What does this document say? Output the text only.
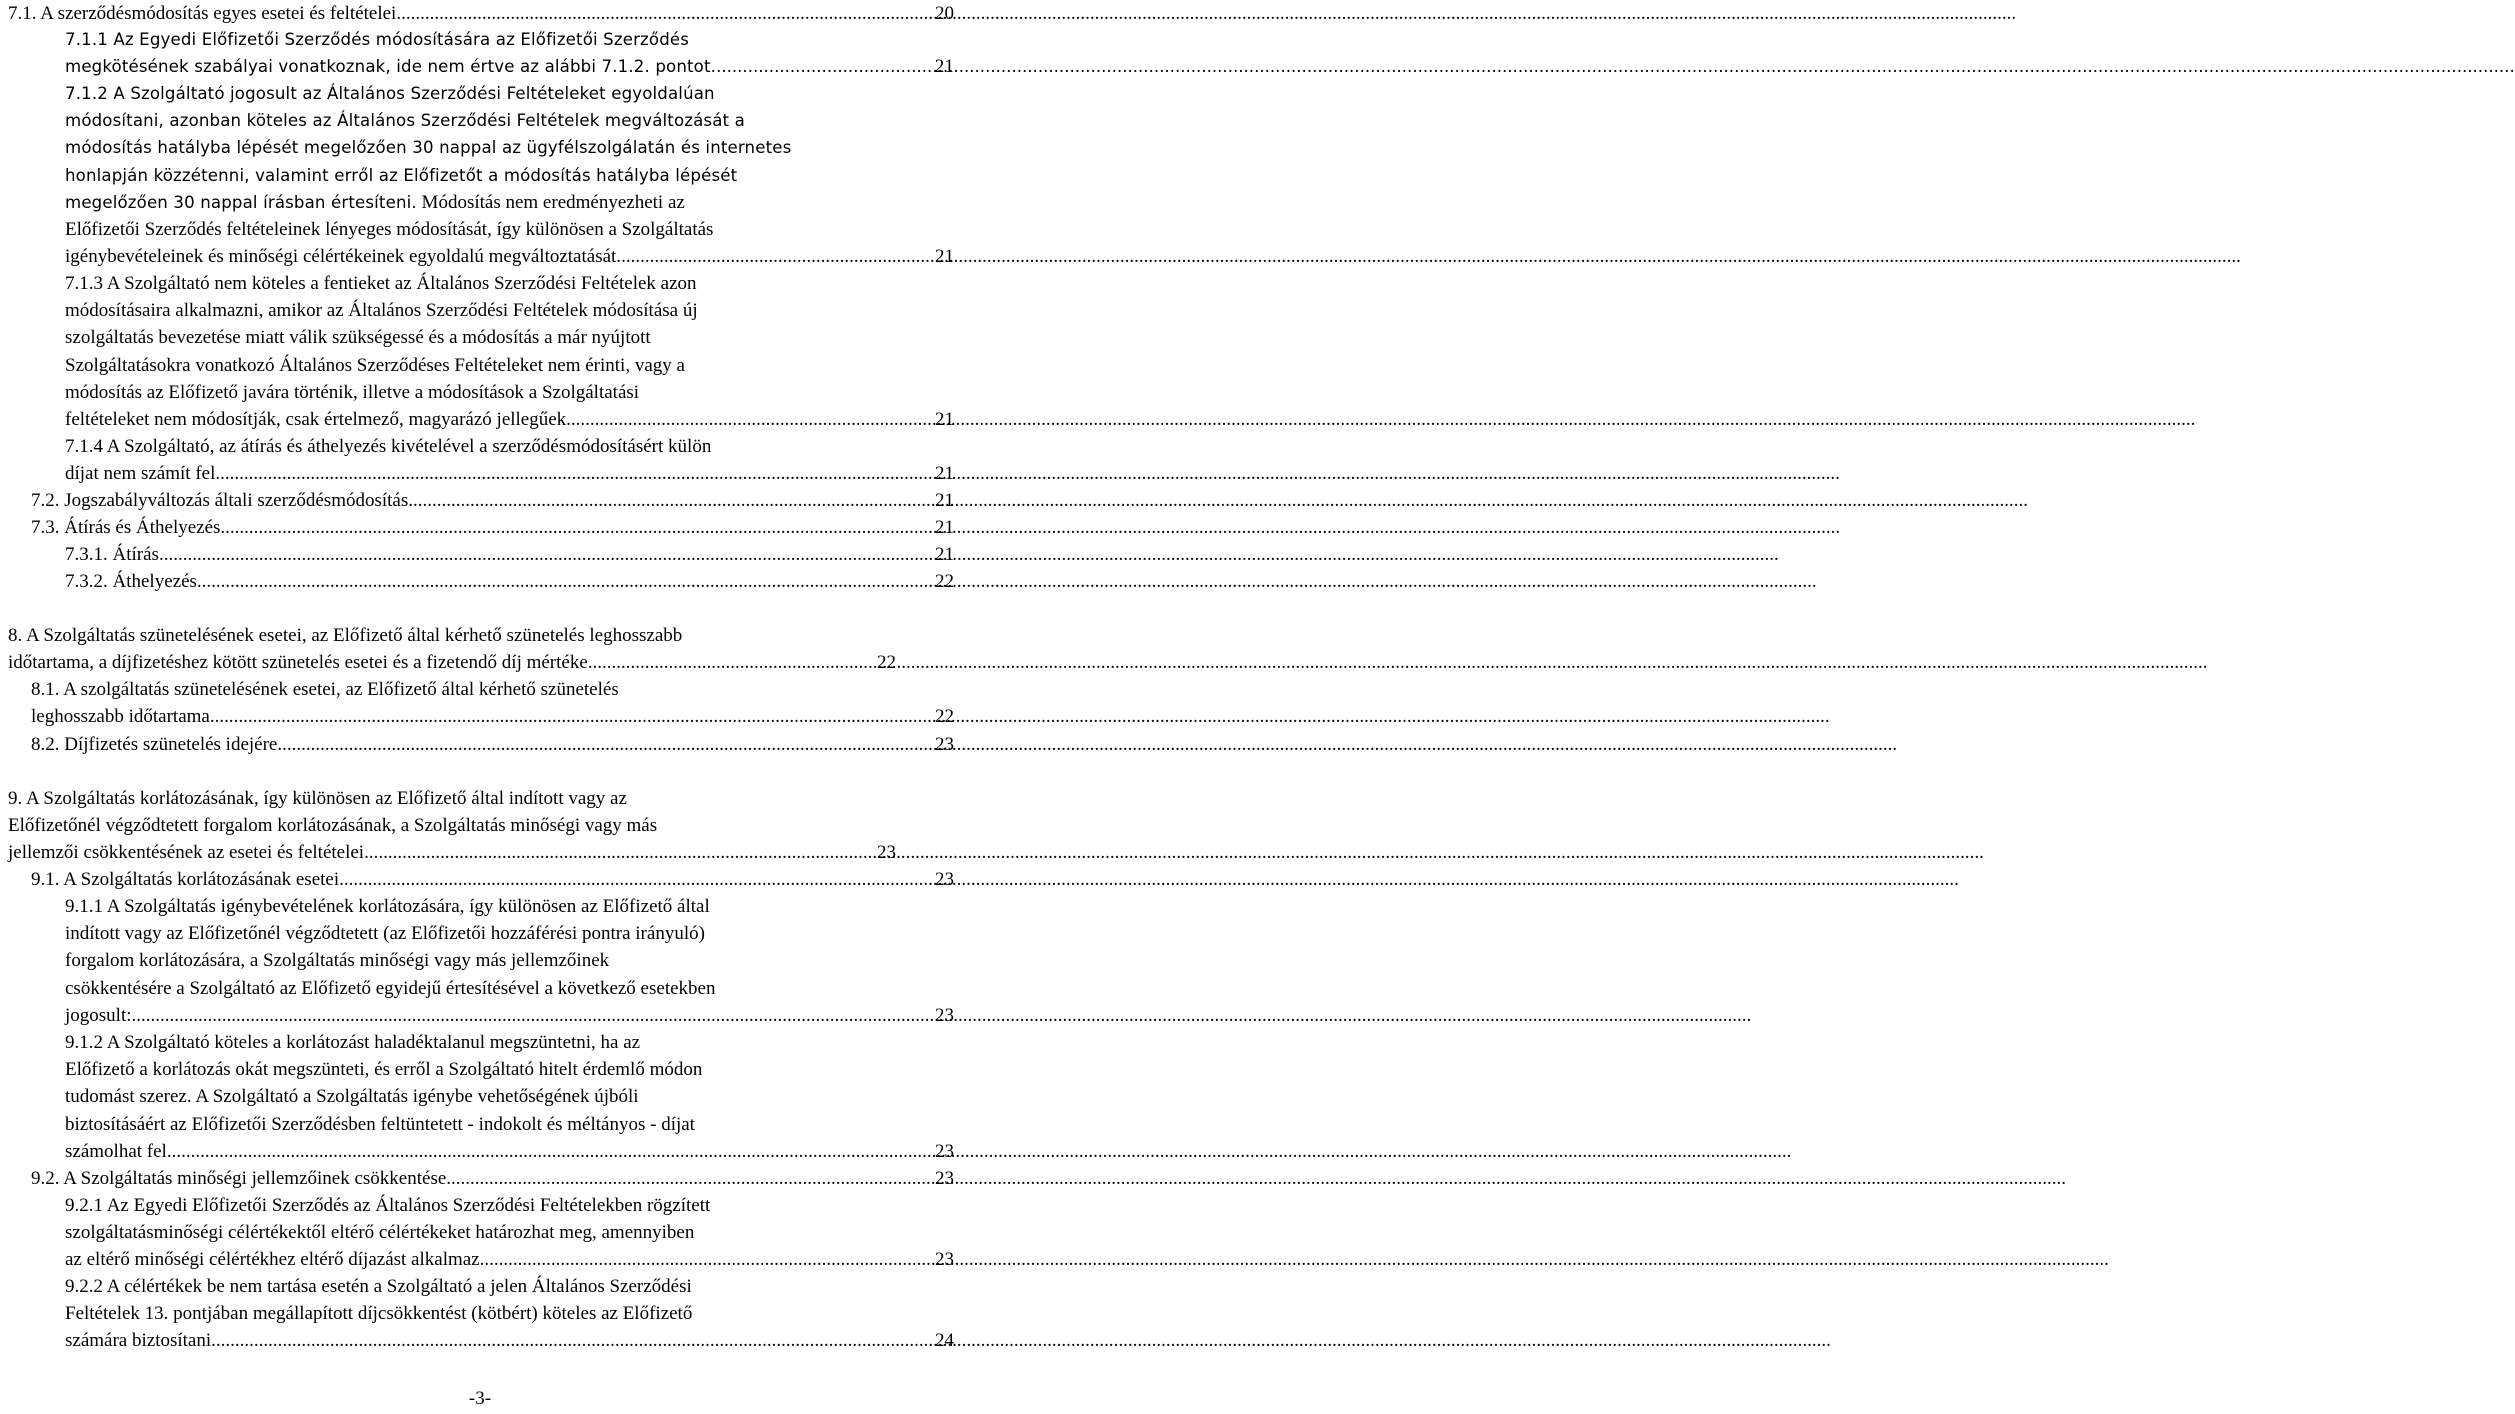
7.1. A szerződésmódosítás egyes esetei és feltételei .....	20
7.1.1 Az Egyedi Előfizetői Szerződés módosítására az Előfizetői Szerződés
megkötésének szabályai vonatkoznak, ide nem értve az alábbi 7.1.2. pontot. .....	21
7.1.2 A Szolgáltató jogosult az Általános Szerződési Feltételeket egyoldalúan
módosítani, azonban köteles az Általános Szerződési Feltételek megváltozását a
módosítás hatályba lépését megelőzően 30 nappal az ügyfélszolgálatán és internetes
honlapján közzétenni, valamint erről az Előfizetőt a módosítás hatályba lépését
megelőzően 30 nappal írásban értesíteni. Módosítás nem eredményezheti az
Előfizetői Szerződés feltételeinek lényeges módosítását, így különösen a Szolgáltatás
igénybevételeinek és minőségi célértékeinek egyoldalú megváltoztatását. .....	21
7.1.3 A Szolgáltató nem köteles a fentieket az Általános Szerződési Feltételek azon
módosításaira alkalmazni, amikor az Általános Szerződési Feltételek módosítása új
szolgáltatás bevezetése miatt válik szükségessé és a módosítás a már nyújtott
Szolgáltatásokra vonatkozó Általános Szerződéses Feltételeket nem érinti, vagy a
módosítás az Előfizető javára történik, illetve a módosítások a Szolgáltatási
feltételeket nem módosítják, csak értelmező, magyarázó jellegűek.. .....	21
7.1.4 A Szolgáltató, az átírás és áthelyezés kivételével a szerződésmódosításért külön
díjat nem számít fel. .....	21
7.2. Jogszabályváltozás általi szerződésmódosítás .....	21
7.3. Átírás és Áthelyezés .....	21
7.3.1. Átírás .....	21
7.3.2. Áthelyezés .....	22
8. A Szolgáltatás szünetelésének esetei, az Előfizető által kérhető szünetelés leghosszabb
időtartama, a díjfizetéshez kötött szünetelés esetei és a fizetendő díj mértéke .....	22
8.1. A szolgáltatás szünetelésének esetei, az Előfizető által kérhető szünetelés
leghosszabb időtartama .....	22
8.2. Díjfizetés szünetelés idejére .....	23
9. A Szolgáltatás korlátozásának, így különösen az Előfizető által indított vagy az
Előfizetőnél végződtetett forgalom korlátozásának, a Szolgáltatás minőségi vagy más
jellemzői csökkentésének az esetei és feltételei .....	23
9.1. A Szolgáltatás korlátozásának esetei .....	23
9.1.1 A Szolgáltatás igénybevételének korlátozására, így különösen az Előfizető által
indított vagy az Előfizetőnél végződtetett (az Előfizetői hozzáférési pontra irányuló)
forgalom korlátozására, a Szolgáltatás minőségi vagy más jellemzőinek
csökkentésére a Szolgáltató az Előfizető egyidejű értesítésével a következő esetekben
jogosult: .....	23
9.1.2 A Szolgáltató köteles a korlátozást haladéktalanul megszüntetni, ha az
Előfizető a korlátozás okát megszünteti, és erről a Szolgáltató hitelt érdemlő módon
tudomást szerez. A Szolgáltató a Szolgáltatás igénybe vehetőségének újbóli
biztosításáért az Előfizetői Szerződésben feltüntetett - indokolt és méltányos - díjat
számolhat fel. .....	23
9.2. A Szolgáltatás minőségi jellemzőinek csökkentése .....	23
9.2.1 Az Egyedi Előfizetői Szerződés az Általános Szerződési Feltételekben rögzített
szolgáltatásminőségi célértékektől eltérő célértékeket határozhat meg, amennyiben
az eltérő minőségi célértékhez eltérő díjazást alkalmaz.. .....	23
9.2.2 A célértékek be nem tartása esetén a Szolgáltató a jelen Általános Szerződési
Feltételek 13. pontjában megállapított díjcsökkentést (kötbért) köteles az Előfizető
számára biztosítani .....	24
-3-
